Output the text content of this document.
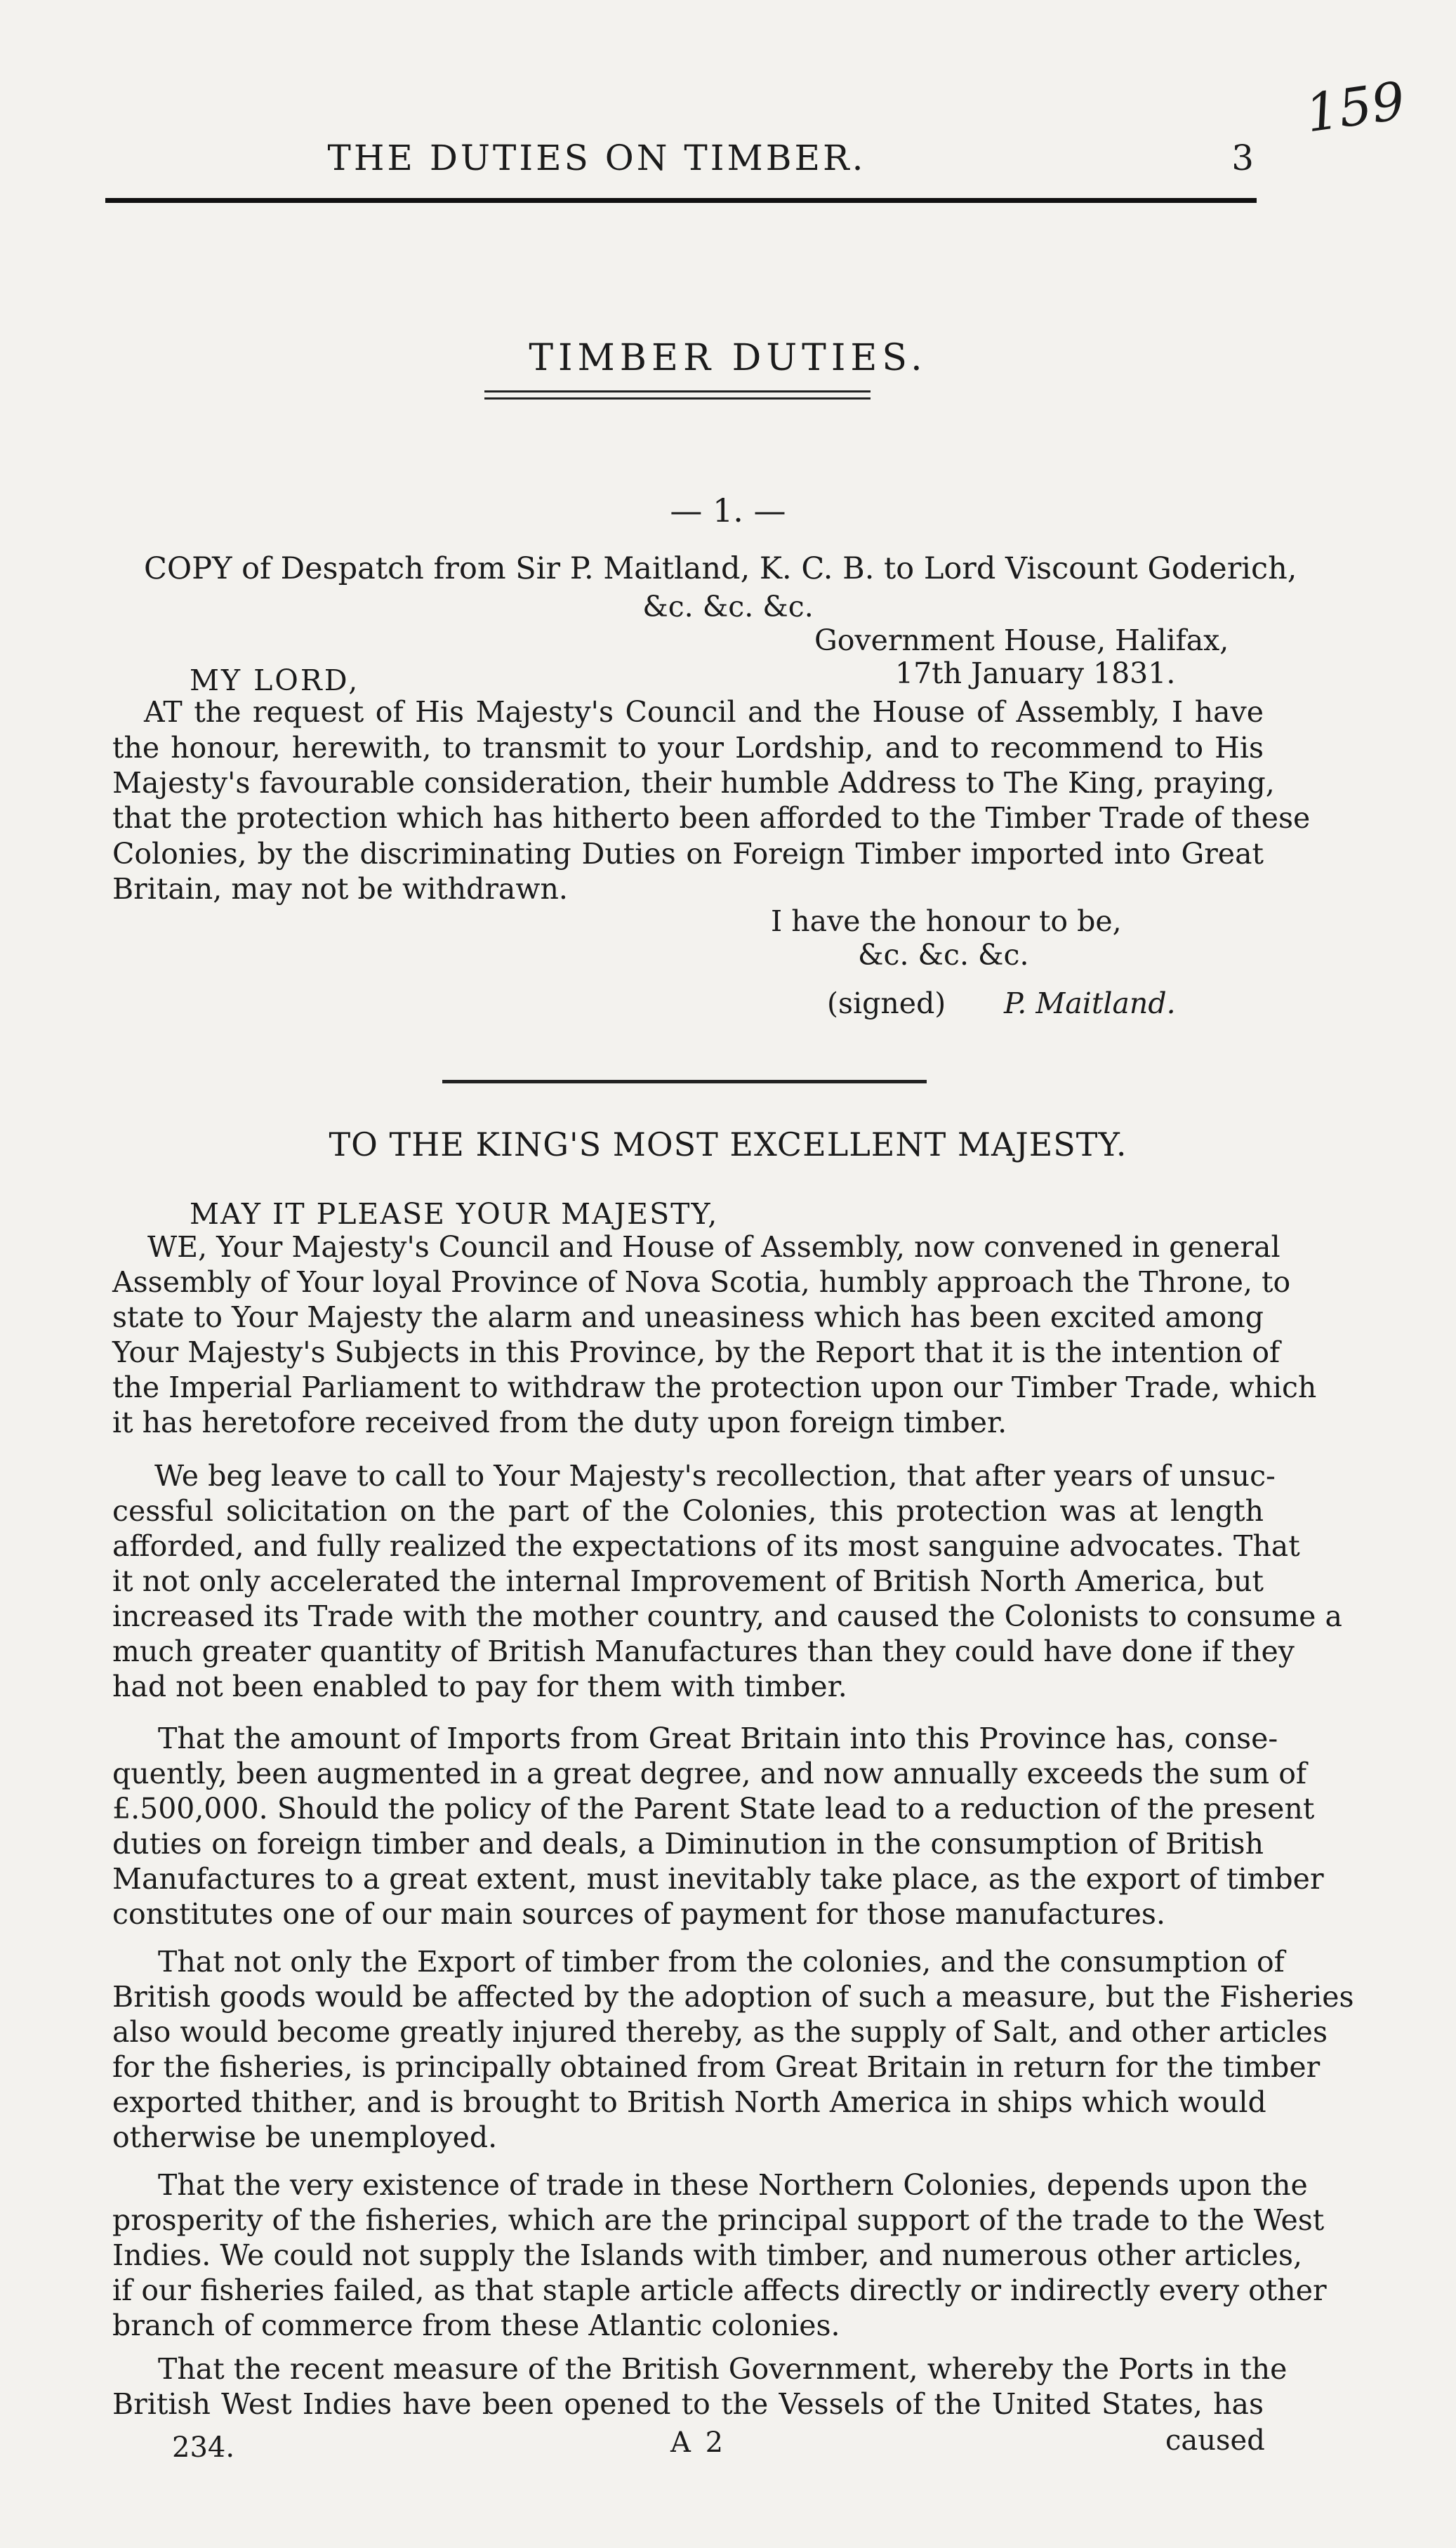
159
THE DUTIES ON TIMBER.	3
TIMBER DUTIES.
— 1. —
COPY of Despatch from Sir P. Maitland, K. C. B. to Lord Viscount Goderich,
&c. &c. &c.
Government House, Halifax,
17th January 1831.
MY LORD,
AT the request of His Majesty's Council and the House of Assembly, I have
the honour, herewith, to transmit to your Lordship, and to recommend to His
Majesty's favourable consideration, their humble Address to The King, praying,
that the protection which has hitherto been afforded to the Timber Trade of these
Colonies, by the discriminating Duties on Foreign Timber imported into Great
Britain, may not be withdrawn.
I have the honour to be,
&c. &c. &c.
(signed) P. Maitland.
TO THE KING'S MOST EXCELLENT MAJESTY.
MAY IT PLEASE YOUR MAJESTY,
WE, Your Majesty's Council and House of Assembly, now convened in general
Assembly of Your loyal Province of Nova Scotia, humbly approach the Throne, to
state to Your Majesty the alarm and uneasiness which has been excited among
Your Majesty's Subjects in this Province, by the Report that it is the intention of
the Imperial Parliament to withdraw the protection upon our Timber Trade, which
it has heretofore received from the duty upon foreign timber.
We beg leave to call to Your Majesty's recollection, that after years of unsuc-
cessful solicitation on the part of the Colonies, this protection was at length
afforded, and fully realized the expectations of its most sanguine advocates. That
it not only accelerated the internal Improvement of British North America, but
increased its Trade with the mother country, and caused the Colonists to consume a
much greater quantity of British Manufactures than they could have done if they
had not been enabled to pay for them with timber.
That the amount of Imports from Great Britain into this Province has, conse-
quently, been augmented in a great degree, and now annually exceeds the sum of
£.500,000. Should the policy of the Parent State lead to a reduction of the present
duties on foreign timber and deals, a Diminution in the consumption of British
Manufactures to a great extent, must inevitably take place, as the export of timber
constitutes one of our main sources of payment for those manufactures.
That not only the Export of timber from the colonies, and the consumption of
British goods would be affected by the adoption of such a measure, but the Fisheries
also would become greatly injured thereby, as the supply of Salt, and other articles
for the fisheries, is principally obtained from Great Britain in return for the timber
exported thither, and is brought to British North America in ships which would
otherwise be unemployed.
That the very existence of trade in these Northern Colonies, depends upon the
prosperity of the fisheries, which are the principal support of the trade to the West
Indies. We could not supply the Islands with timber, and numerous other articles,
if our fisheries failed, as that staple article affects directly or indirectly every other
branch of commerce from these Atlantic colonies.
That the recent measure of the British Government, whereby the Ports in the
British West Indies have been opened to the Vessels of the United States, has
234.	A 2	caused
